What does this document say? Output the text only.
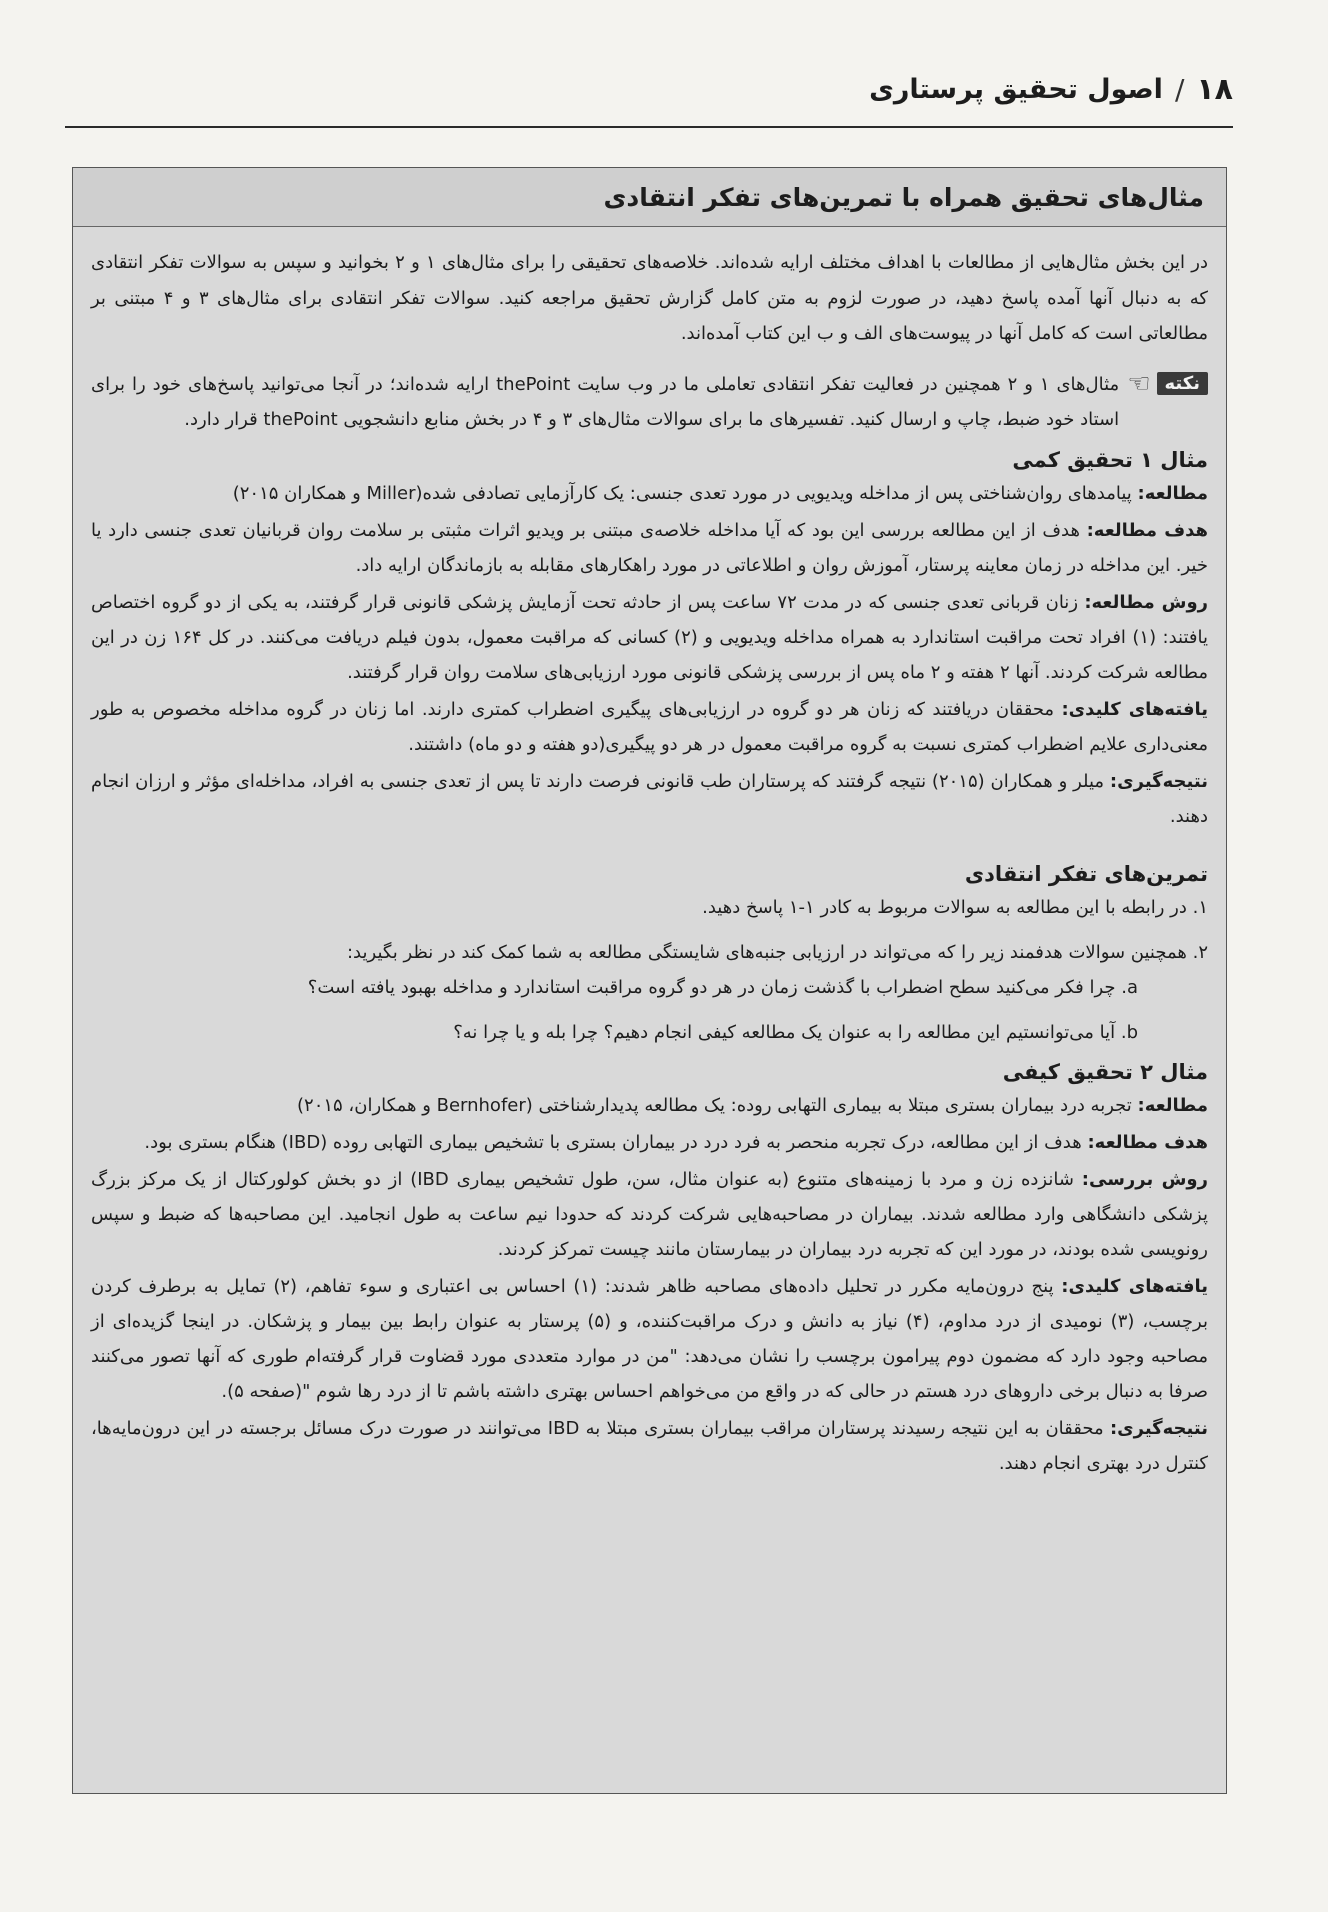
۱۸
/
اصول تحقیق پرستاری
مثال‌های تحقیق همراه با تمرین‌های تفکر انتقادی

در این بخش مثال‌هایی از مطالعات با اهداف مختلف ارایه شده‌اند. خلاصه‌های تحقیقی را برای مثال‌های ۱ و ۲ بخوانید و سپس به سوالات تفکر انتقادی که به دنبال آنها آمده پاسخ دهید، در صورت لزوم به متن کامل گزارش تحقیق مراجعه کنید. سوالات تفکر انتقادی برای مثال‌های ۳ و ۴ مبتنی بر مطالعاتی است که کامل آنها در پیوست‌های الف و ب این کتاب آمده‌اند.

نکته
☜

مثال‌های ۱ و ۲ همچنین در فعالیت تفکر انتقادی تعاملی ما در وب سایت thePoint ارایه شده‌اند؛ در آنجا می‌توانید پاسخ‌های خود را برای استاد خود ضبط، چاپ و ارسال کنید. تفسیرهای ما برای سوالات مثال‌های ۳ و ۴ در بخش منابع دانشجویی thePoint قرار دارد.

مثال ۱ تحقیق کمی

مطالعه: پیامدهای روان‌شناختی پس از مداخله ویدیویی در مورد تعدی جنسی: یک کارآزمایی تصادفی شده(Miller و همکاران ۲۰۱۵)

هدف مطالعه: هدف از این مطالعه بررسی این بود که آیا مداخله خلاصه‌ی مبتنی بر ویدیو اثرات مثبتی بر سلامت روان قربانیان تعدی جنسی دارد یا خیر. این مداخله در زمان معاینه پرستار، آموزش روان و اطلاعاتی در مورد راهکارهای مقابله به بازماندگان ارایه داد.

روش مطالعه: زنان قربانی تعدی جنسی که در مدت ۷۲ ساعت پس از حادثه تحت آزمایش پزشکی قانونی قرار گرفتند، به یکی از دو گروه اختصاص یافتند: (۱) افراد تحت مراقبت استاندارد به همراه مداخله ویدیویی و (۲) کسانی که مراقبت معمول، بدون فیلم دریافت می‌کنند. در کل ۱۶۴ زن در این مطالعه شرکت کردند. آنها ۲ هفته و ۲ ماه پس از بررسی پزشکی قانونی مورد ارزیابی‌های سلامت روان قرار گرفتند.

یافته‌های کلیدی: محققان دریافتند که زنان هر دو گروه در ارزیابی‌های پیگیری اضطراب کمتری دارند. اما زنان در گروه مداخله مخصوص به طور معنی‌داری علایم اضطراب کمتری نسبت به گروه مراقبت معمول در هر دو پیگیری(دو هفته و دو ماه) داشتند.

نتیجه‌گیری: میلر و همکاران (۲۰۱۵) نتیجه گرفتند که پرستاران طب قانونی فرصت دارند تا پس از تعدی جنسی به افراد، مداخله‌ای مؤثر و ارزان انجام دهند.

تمرین‌های تفکر انتقادی

۱. در رابطه با این مطالعه به سوالات مربوط به کادر ۱-۱ پاسخ دهید.

۲. همچنین سوالات هدفمند زیر را که می‌تواند در ارزیابی جنبه‌های شایستگی مطالعه به شما کمک کند در نظر بگیرید:

a. چرا فکر می‌کنید سطح اضطراب با گذشت زمان در هر دو گروه مراقبت استاندارد و مداخله بهبود یافته است؟

b. آیا می‌توانستیم این مطالعه را به عنوان یک مطالعه کیفی انجام دهیم؟ چرا بله و یا چرا نه؟

مثال ۲ تحقیق کیفی

مطالعه: تجربه درد بیماران بستری مبتلا به بیماری التهابی روده: یک مطالعه پدیدارشناختی (Bernhofer و همکاران، ۲۰۱۵)

هدف مطالعه: هدف از این مطالعه، درک تجربه منحصر به فرد درد در بیماران بستری با تشخیص بیماری التهابی روده (IBD) هنگام بستری بود.

روش بررسی: شانزده زن و مرد با زمینه‌های متنوع (به عنوان مثال، سن، طول تشخیص بیماری IBD) از دو بخش کولورکتال از یک مرکز بزرگ پزشکی دانشگاهی وارد مطالعه شدند. بیماران در مصاحبه‌هایی شرکت کردند که حدودا نیم ساعت به طول انجامید. این مصاحبه‌ها که ضبط و سپس رونویسی شده بودند، در مورد این که تجربه درد بیماران در بیمارستان مانند چیست تمرکز کردند.

یافته‌های کلیدی: پنج درون‌مایه مکرر در تحلیل داده‌های مصاحبه ظاهر شدند: (۱) احساس بی اعتباری و سوء تفاهم، (۲) تمایل به برطرف کردن برچسب، (۳) نومیدی از درد مداوم، (۴) نیاز به دانش و درک مراقبت‌کننده، و (۵) پرستار به عنوان رابط بین بیمار و پزشکان. در اینجا گزیده‌ای از مصاحبه وجود دارد که مضمون دوم پیرامون برچسب را نشان می‌دهد: "من در موارد متعددی مورد قضاوت قرار گرفته‌ام طوری که آنها تصور می‌کنند صرفا به دنبال برخی داروهای درد هستم در حالی که در واقع من می‌خواهم احساس بهتری داشته باشم تا از درد رها شوم "(صفحه ۵).

نتیجه‌گیری: محققان به این نتیجه رسیدند پرستاران مراقب بیماران بستری مبتلا به IBD می‌توانند در صورت درک مسائل برجسته در این درون‌مایه‌ها، کنترل درد بهتری انجام دهند.
